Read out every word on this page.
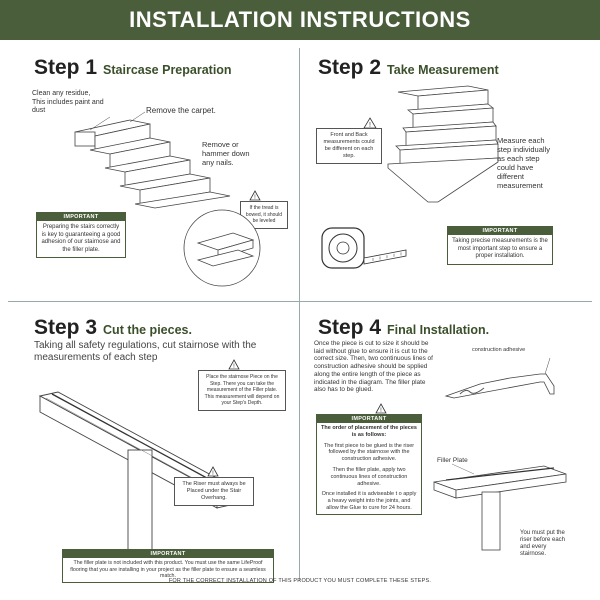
INSTALLATION INSTRUCTIONS
Step 1 Staircase Preparation
Clean any residue, This includes paint and dust	Remove the carpet.
Remove or hammer down any nails.
!
If the tread is bowed, it should be leveled
IMPORTANT
Preparing the stairs correctly is key to guaranteeing a good adhesion of our stairnose and the filler plate.
Step 2 Take Measurement
!
Front and Back measurements could be different on each step.
Measure each step individually as each step could have different measurement
IMPORTANT
Taking precise measurements is the most important step to ensure a proper installation.
Step 3 Cut the pieces.
Taking all safety regulations, cut stairnose with the measurements of each step
!
Place the stairnose Piece on the Step. There you can take the measurement of the Filler plate. This measurement will depend on your Step's Depth.
!
The Riser must always be Placed under the Stair Overhang.
IMPORTANT
The filler plate is not included with this product. You must use the same LifeProof flooring that you are installing in your project as the filler plate to ensure a seamless match.
Step 4 Final Installation.
Once the piece is cut to size it should be laid without glue to ensure it is cut to the correct size. Then, two continuous lines of construction adhesive should be spplied along the entire length of the piece as indicated in the diagram. The filler plate also has to be glued.
construction adhesive
!
IMPORTANT
The order of placement of the pieces is as follows:
The first piece to be glued is the riser followed by the stairnose with the construction adhesive.
Then the filler plate, apply two continuous lines of construction adhesive.
Once installed it is adviseable t o apply a heavy weight into the joints, and allow the Glue to cure for 24 hours.
Filler Plate
You must put the riser before each and every stairnose.
FOR THE CORRECT INSTALLATION OF THIS PRODUCT YOU MUST COMPLETE THESE STEPS.
